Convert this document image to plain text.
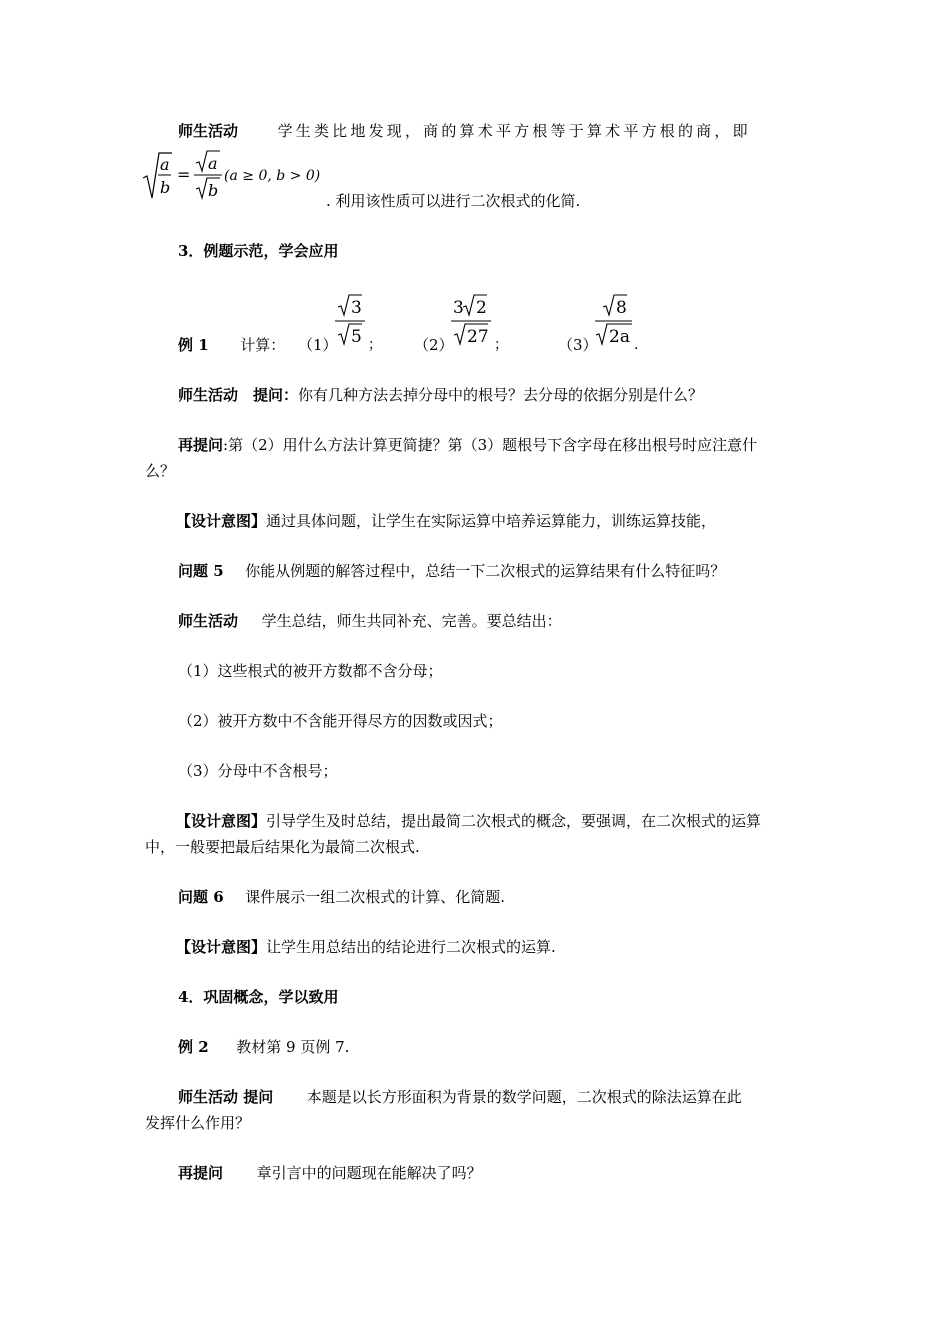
师生活动	学生类比地发现，商的算术平方根等于算术平方根的商，即
a
b
=
a
b
(a ≥ 0, b > 0)
. 利用该性质可以进行二次根式的化简.
3．例题示范，学会应用
例 1 计算： （1）
3
5 ； （2）
3 2
27 ；	（3）
8
2a .
师生活动　提问：你有几种方法去掉分母中的根号？去分母的依据分别是什么？
再提问:第（2）用什么方法计算更简捷？第（3）题根号下含字母在移出根号时应注意什
么？
【设计意图】通过具体问题，让学生在实际运算中培养运算能力，训练运算技能，
问题 5 你能从例题的解答过程中，总结一下二次根式的运算结果有什么特征吗？
师生活动 学生总结，师生共同补充、完善。要总结出：
（1）这些根式的被开方数都不含分母；
（2）被开方数中不含能开得尽方的因数或因式；
（3）分母中不含根号；
【设计意图】引导学生及时总结，提出最简二次根式的概念，要强调，在二次根式的运算
中，一般要把最后结果化为最简二次根式.
问题 6 课件展示一组二次根式的计算、化简题.
【设计意图】让学生用总结出的结论进行二次根式的运算.
4．巩固概念，学以致用
例 2 教材第 9 页例 7.
师生活动 提问 本题是以长方形面积为背景的数学问题，二次根式的除法运算在此
发挥什么作用？
再提问 章引言中的问题现在能解决了吗？
